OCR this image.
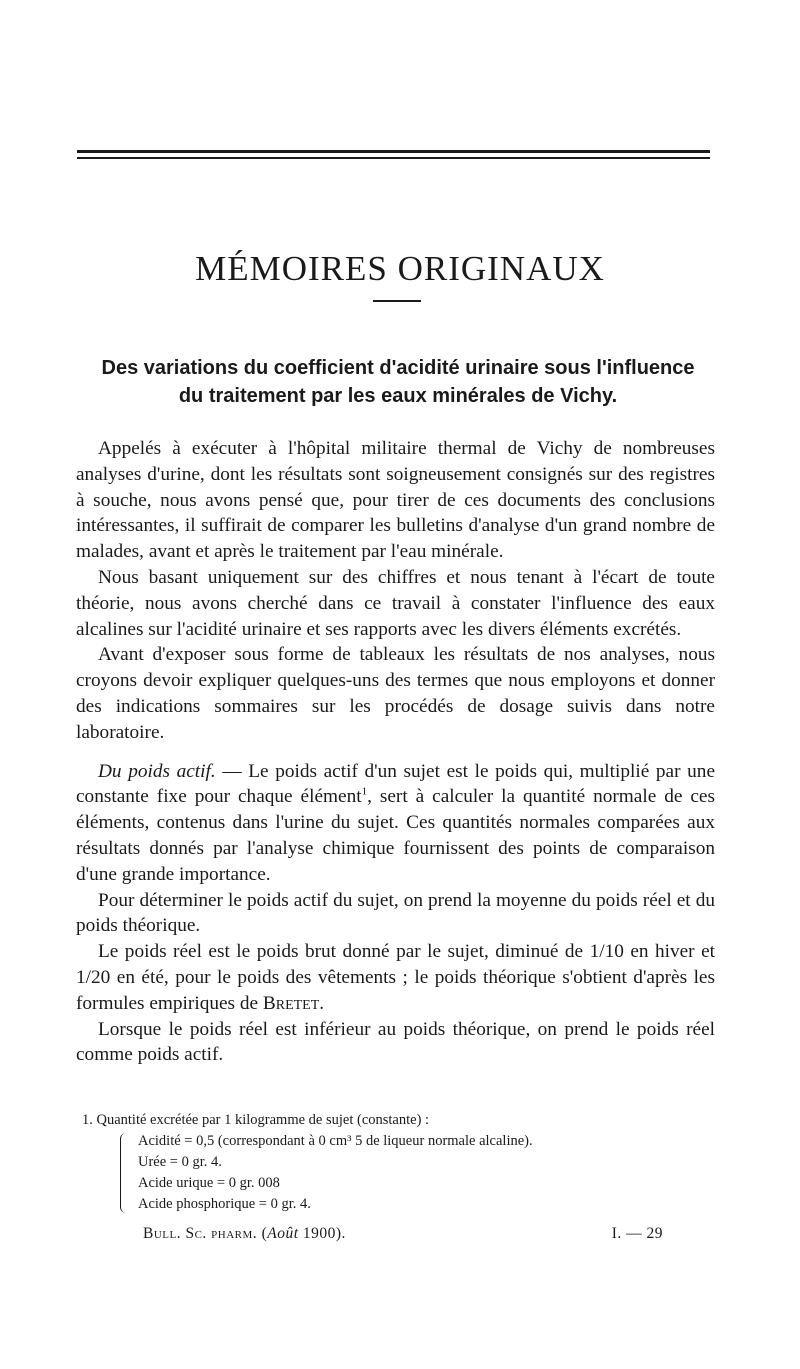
MÉMOIRES ORIGINAUX
Des variations du coefficient d'acidité urinaire sous l'influence
du traitement par les eaux minérales de Vichy.

Appelés à exécuter à l'hôpital militaire thermal de Vichy de nombreuses analyses d'urine, dont les résultats sont soigneusement consignés sur des registres à souche, nous avons pensé que, pour tirer de ces documents des conclusions intéressantes, il suffirait de comparer les bulletins d'analyse d'un grand nombre de malades, avant et après le traitement par l'eau minérale.

Nous basant uniquement sur des chiffres et nous tenant à l'écart de toute théorie, nous avons cherché dans ce travail à constater l'influence des eaux alcalines sur l'acidité urinaire et ses rapports avec les divers éléments excrétés.

Avant d'exposer sous forme de tableaux les résultats de nos analyses, nous croyons devoir expliquer quelques-uns des termes que nous employons et donner des indications sommaires sur les procédés de dosage suivis dans notre laboratoire.

Du poids actif. — Le poids actif d'un sujet est le poids qui, multiplié par une constante fixe pour chaque élément$^1$, sert à calculer la quantité normale de ces éléments, contenus dans l'urine du sujet. Ces quantités normales comparées aux résultats donnés par l'analyse chimique fournissent des points de comparaison d'une grande importance.

Pour déterminer le poids actif du sujet, on prend la moyenne du poids réel et du poids théorique.

Le poids réel est le poids brut donné par le sujet, diminué de 1/10 en hiver et 1/20 en été, pour le poids des vêtements ; le poids théorique s'obtient d'après les formules empiriques de Bretet.

Lorsque le poids réel est inférieur au poids théorique, on prend le poids réel comme poids actif.

1. Quantité excrétée par 1 kilogramme de sujet (constante) :
Acidité = 0,5 (correspondant à 0 cm³ 5 de liqueur normale alcaline).
Urée = 0 gr. 4.
Acide urique = 0 gr. 008
Acide phosphorique = 0 gr. 4.
Bull. Sc. pharm. (Août 1900).	I. — 29
